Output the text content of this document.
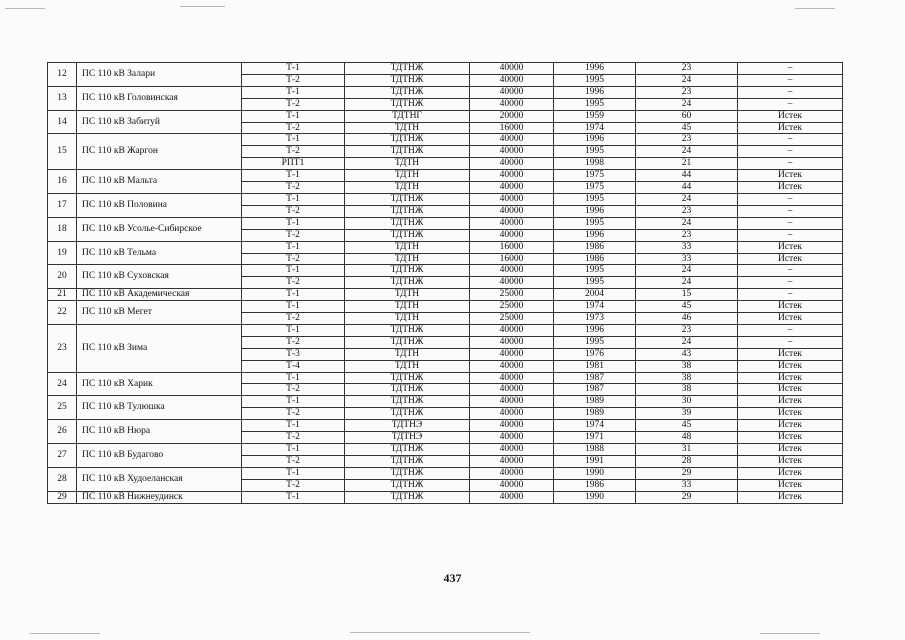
12	ПС 110 кВ Залари	Т-1	ТДТНЖ	40000	1996	23	–
		Т-2	ТДТНЖ	40000	1995	24	–
13	ПС 110 кВ Головинская	Т-1	ТДТНЖ	40000	1996	23	–
		Т-2	ТДТНЖ	40000	1995	24	–
14	ПС 110 кВ Забитуй	Т-1	ТДТНГ	20000	1959	60	Истек
		Т-2	ТДТН	16000	1974	45	Истек
15	ПС 110 кВ Жаргон	Т-1	ТДТНЖ	40000	1996	23	–
		Т-2	ТДТНЖ	40000	1995	24	–
		РПТ1	ТДТН	40000	1998	21	–
16	ПС 110 кВ Мальта	Т-1	ТДТН	40000	1975	44	Истек
		Т-2	ТДТН	40000	1975	44	Истек
17	ПС 110 кВ Половина	Т-1	ТДТНЖ	40000	1995	24	–
		Т-2	ТДТНЖ	40000	1996	23	–
18	ПС 110 кВ Усолье-Сибирское	Т-1	ТДТНЖ	40000	1995	24	–
		Т-2	ТДТНЖ	40000	1996	23	–
19	ПС 110 кВ Тельма	Т-1	ТДТН	16000	1986	33	Истек
		Т-2	ТДТН	16000	1986	33	Истек
20	ПС 110 кВ Суховская	Т-1	ТДТНЖ	40000	1995	24	–
		Т-2	ТДТНЖ	40000	1995	24	–
21	ПС 110 кВ Академическая	Т-1	ТДТН	25000	2004	15	–
22	ПС 110 кВ Мегет	Т-1	ТДТН	25000	1974	45	Истек
		Т-2	ТДТН	25000	1973	46	Истек
23	ПС 110 кВ Зима	Т-1	ТДТНЖ	40000	1996	23	–
		Т-2	ТДТНЖ	40000	1995	24	–
		Т-3	ТДТН	40000	1976	43	Истек
		Т-4	ТДТН	40000	1981	38	Истек
24	ПС 110 кВ Харик	Т-1	ТДТНЖ	40000	1987	38	Истек
		Т-2	ТДТНЖ	40000	1987	38	Истек
25	ПС 110 кВ Тулюшка	Т-1	ТДТНЖ	40000	1989	30	Истек
		Т-2	ТДТНЖ	40000	1989	39	Истек
26	ПС 110 кВ Нюра	Т-1	ТДТНЭ	40000	1974	45	Истек
		Т-2	ТДТНЭ	40000	1971	48	Истек
27	ПС 110 кВ Будагово	Т-1	ТДТНЖ	40000	1988	31	Истек
		Т-2	ТДТНЖ	40000	1991	28	Истек
28	ПС 110 кВ Худоеланская	Т-1	ТДТНЖ	40000	1990	29	Истек
		Т-2	ТДТНЖ	40000	1986	33	Истек
29	ПС 110 кВ Нижнеудинск	Т-1	ТДТНЖ	40000	1990	29	Истек
437
